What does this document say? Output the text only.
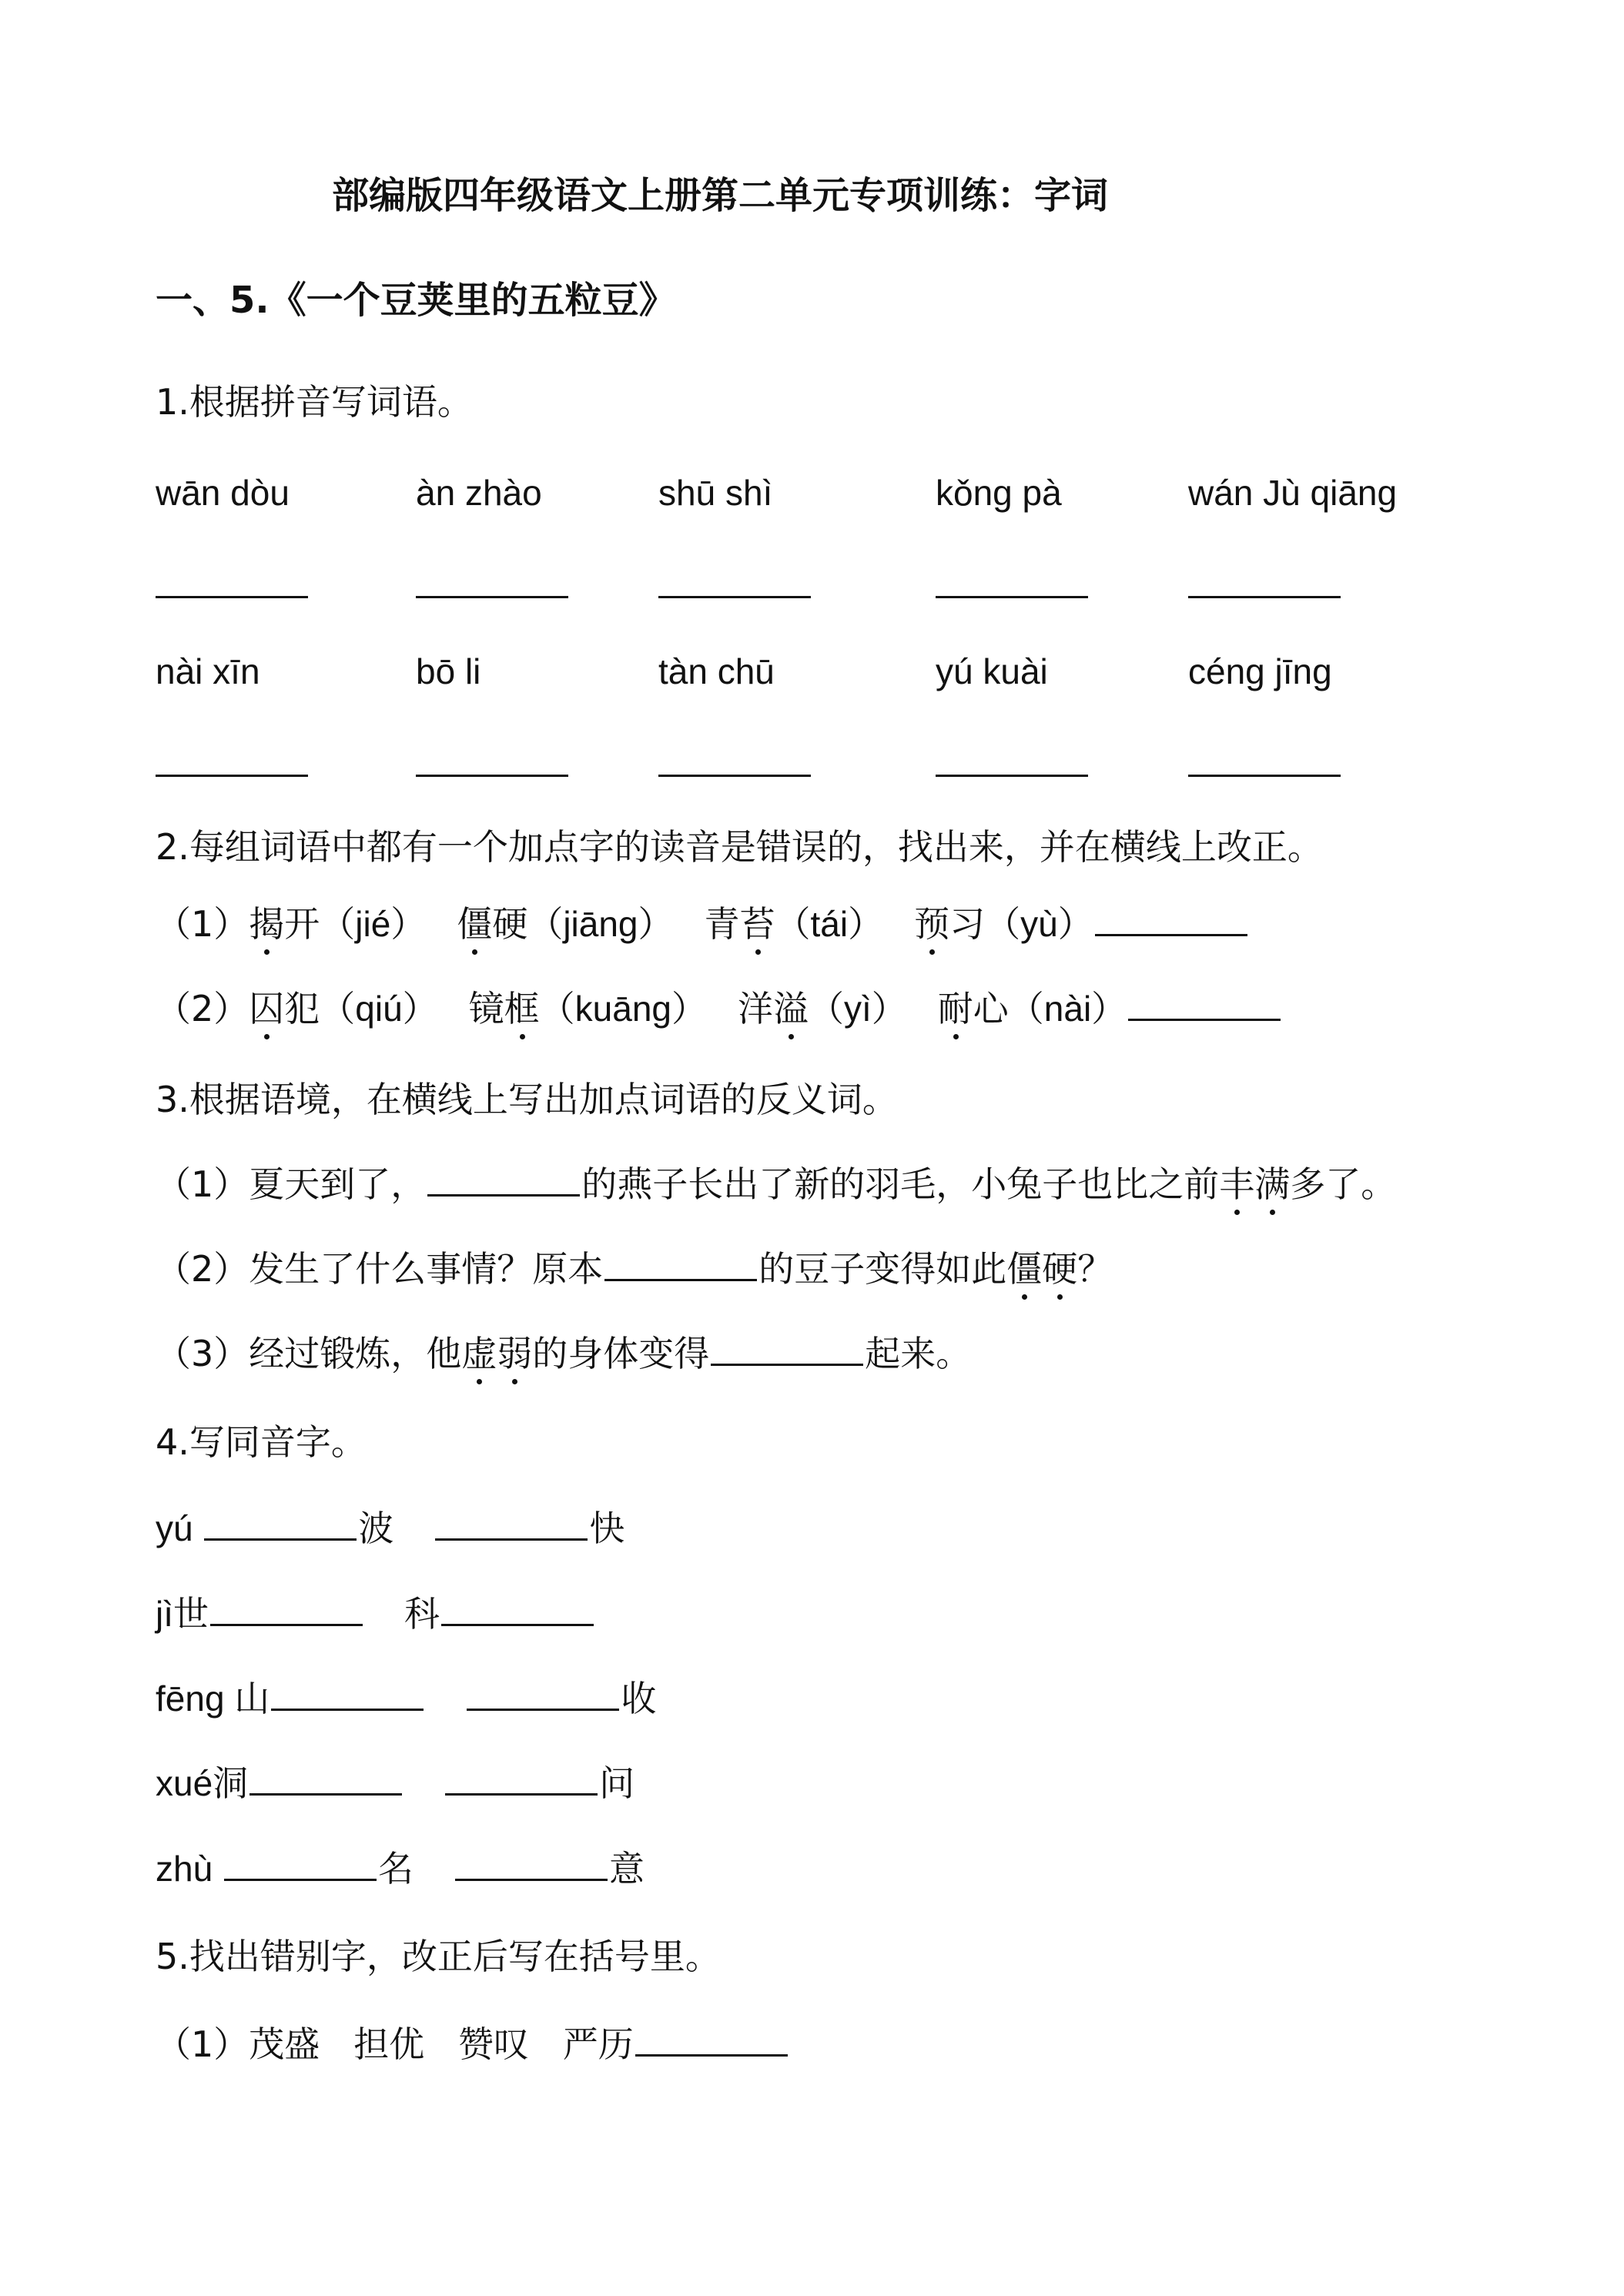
部编版四年级语文上册第二单元专项训练：字词
一、5.《一个豆荚里的五粒豆》
1.根据拼音写词语。
wān dòu	àn zhào	shū shì	kǒng pà	wán Jù qiāng
nài xīn	bō li	tàn chū	yú kuài	céng jīng
2.每组词语中都有一个加点字的读音是错误的，找出来，并在横线上改正。
（1）揭开（jié） 僵硬（jiāng） 青苔（tái） 预习（yù）
（2）囚犯（qiú） 镜框（kuāng） 洋溢（yì） 耐心（nài）
3.根据语境，在横线上写出加点词语的反义词。
（1）夏天到了，	的燕子长出了新的羽毛，小兔子也比之前丰满多了。
（2）发生了什么事情？原本	的豆子变得如此僵硬？
（3）经过锻炼，他虚弱的身体变得	起来。
4.写同音字。
yú	波	快
jì世	科
fēng 山	收
xué洞	问
zhù	名	意
5.找出错别字，改正后写在括号里。
（1）茂盛   担优   赞叹   严历
